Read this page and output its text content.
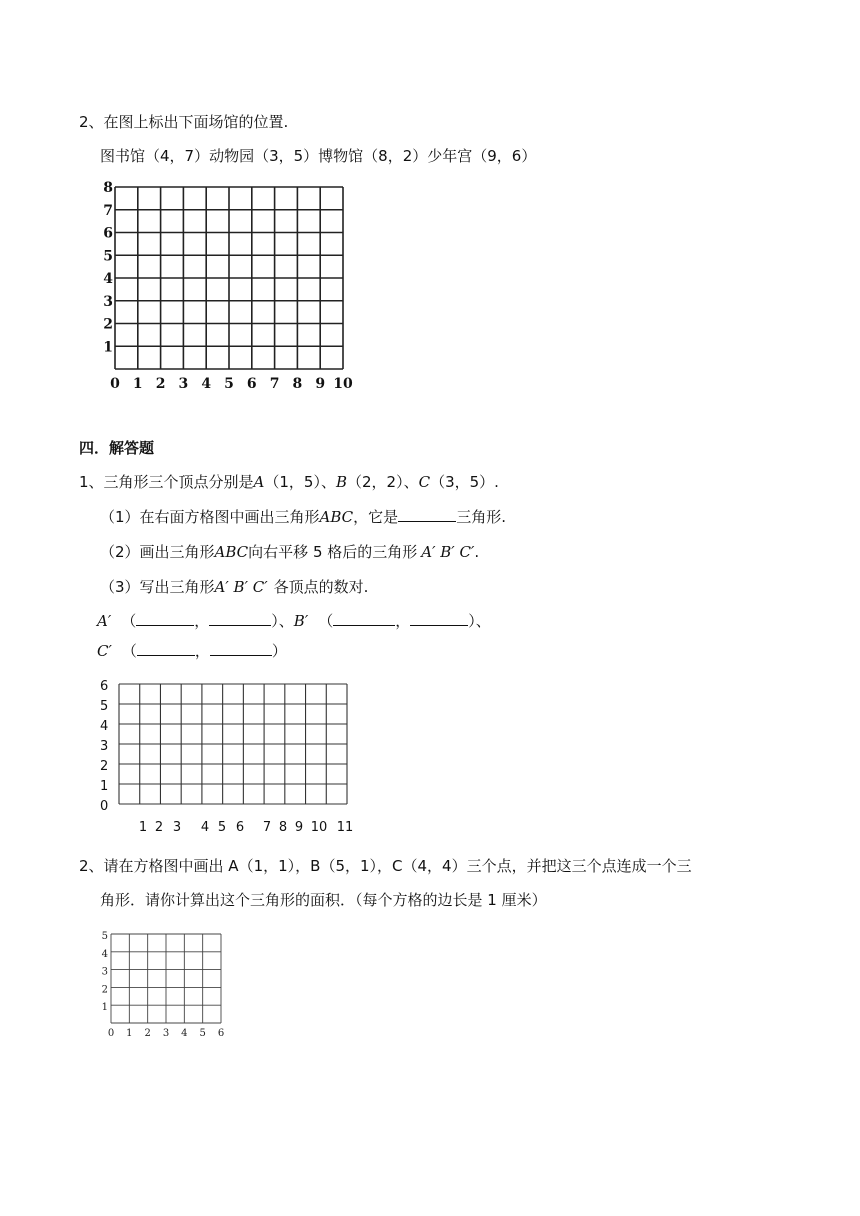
2、在图上标出下面场馆的位置.
图书馆（4，7）动物园（3，5）博物馆（8，2）少年宫（9，6）
0 1 2 3 4 5 6 7 8 9 10
1
2
3
4
5
6
7
8
四．解答题
1、三角形三个顶点分别是A（1，5）、B（2，2）、C（3，5）.
（1）在右面方格图中画出三角形ABC，它是	三角形.
（2）画出三角形ABC向右平移 5 格后的三角形 A′ B′ C′.
（3）写出三角形A′ B′ C′ 各顶点的数对.
A′ （	，	）、B′ （	，	）、
C′ （	，	）
0
1
2
3
4
5
6
1 2 3 4 5 6 7 8 9 10 11
2、请在方格图中画出 A（1，1），B（5，1），C（4，4）三个点，并把这三个点连成一个三
角形．请你计算出这个三角形的面积．（每个方格的边长是 1 厘米）
0 1 2 3 4 5 6
1
2
3
4
5
